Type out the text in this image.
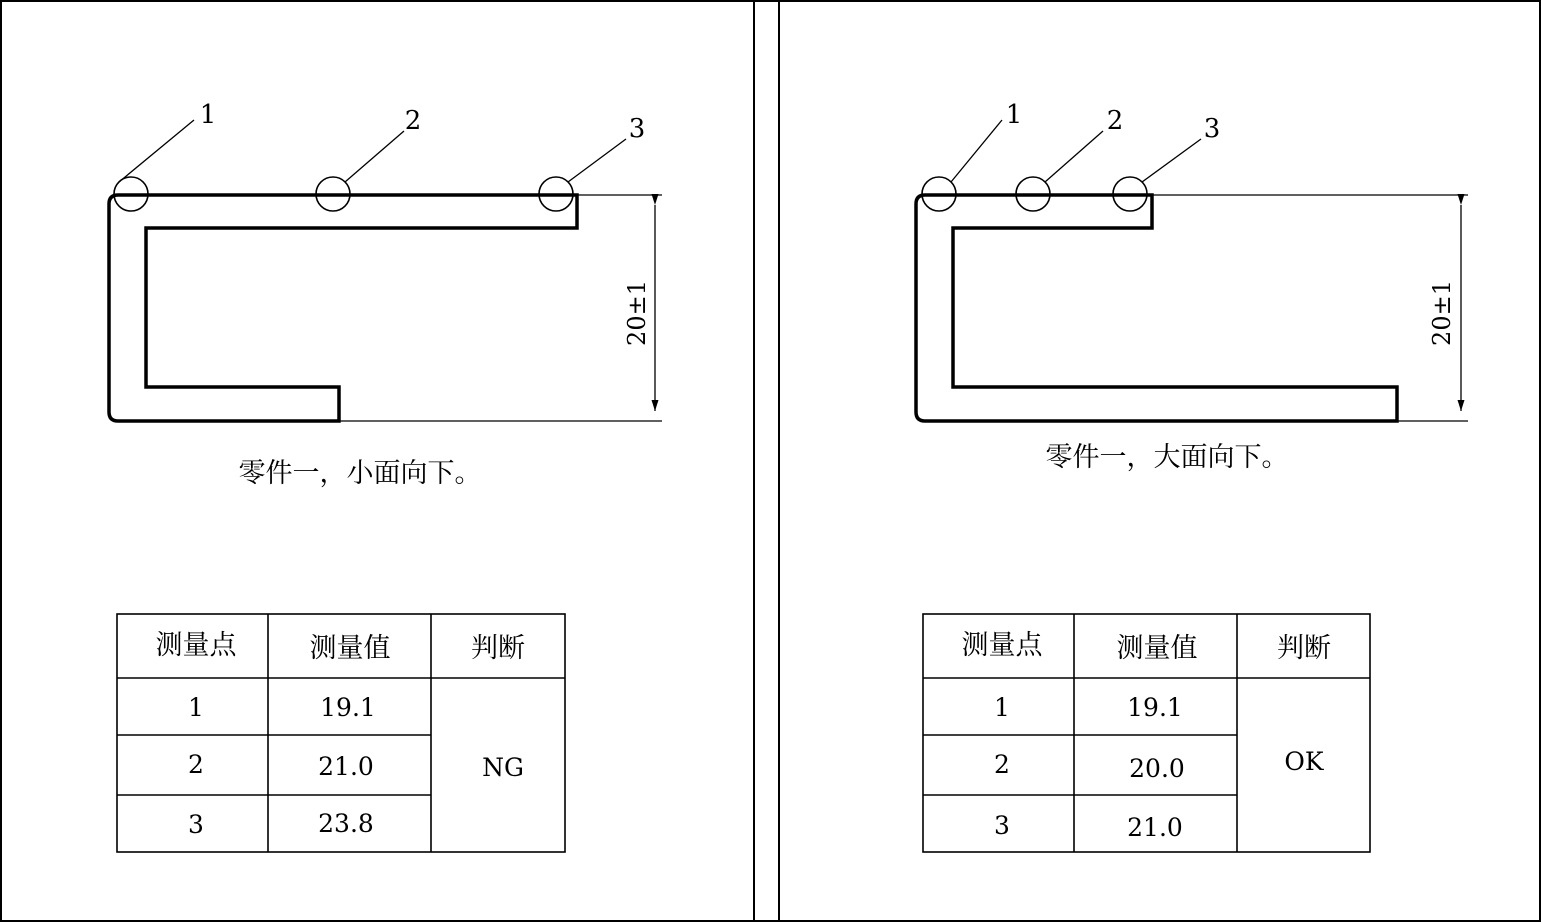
20±1
1	2	3
零件一，小面向下。
测量点	测量值	判断
1	19.1
2	21.0
3	23.8
NG
20±1
1	2	3
零件一，大面向下。
测量点	测量值	判断
1	19.1
2	20.0
3	21.0
OK
